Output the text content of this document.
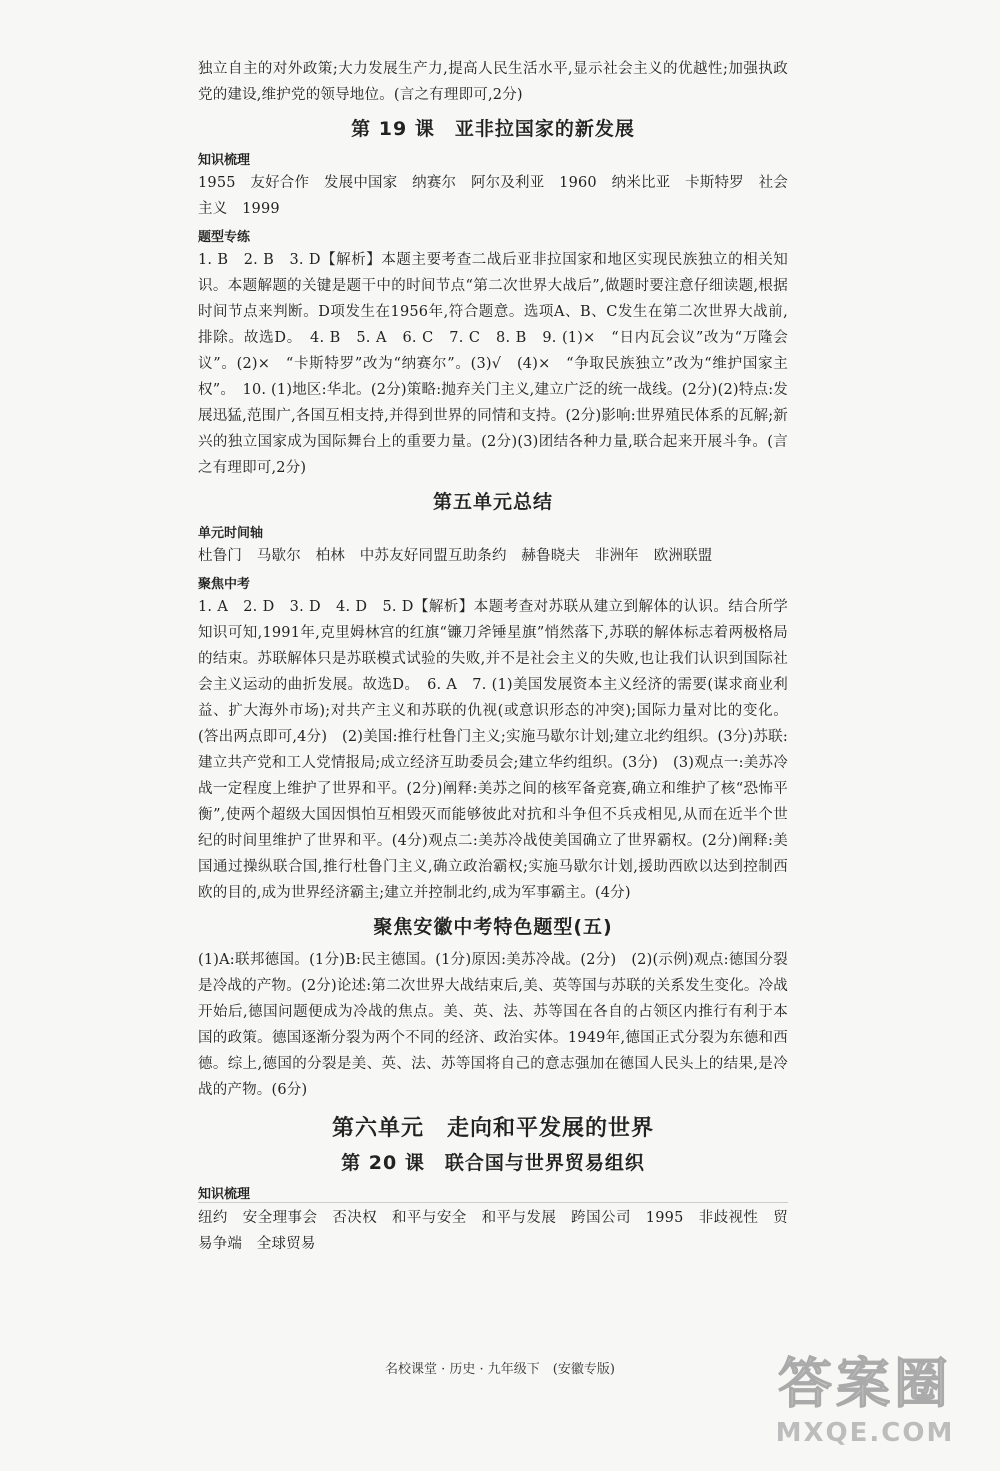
独立自主的对外政策;大力发展生产力,提高人民生活水平,显示社会主义的优越性;加强执政党的建设,维护党的领导地位。(言之有理即可,2分)

第 19 课　亚非拉国家的新发展
知识梳理

1955　友好合作　发展中国家　纳赛尔　阿尔及利亚　1960　纳米比亚　卡斯特罗　社会主义　1999

题型专练

1. B　2. B　3. D【解析】本题主要考查二战后亚非拉国家和地区实现民族独立的相关知识。本题解题的关键是题干中的时间节点“第二次世界大战后”,做题时要注意仔细读题,根据时间节点来判断。D项发生在1956年,符合题意。选项A、B、C发生在第二次世界大战前,排除。故选D。　4. B　5. A　6. C　7. C　8. B　9. (1)×　“日内瓦会议”改为“万隆会议”。(2)×　“卡斯特罗”改为“纳赛尔”。(3)√　(4)×　“争取民族独立”改为“维护国家主权”。　10. (1)地区:华北。(2分)策略:抛弃关门主义,建立广泛的统一战线。(2分)(2)特点:发展迅猛,范围广,各国互相支持,并得到世界的同情和支持。(2分)影响:世界殖民体系的瓦解;新兴的独立国家成为国际舞台上的重要力量。(2分)(3)团结各种力量,联合起来开展斗争。(言之有理即可,2分)

第五单元总结
单元时间轴

杜鲁门　马歇尔　柏林　中苏友好同盟互助条约　赫鲁晓夫　非洲年　欧洲联盟

聚焦中考

1. A　2. D　3. D　4. D　5. D【解析】本题考查对苏联从建立到解体的认识。结合所学知识可知,1991年,克里姆林宫的红旗“镰刀斧锤星旗”悄然落下,苏联的解体标志着两极格局的结束。苏联解体只是苏联模式试验的失败,并不是社会主义的失败,也让我们认识到国际社会主义运动的曲折发展。故选D。　6. A　7. (1)美国发展资本主义经济的需要(谋求商业利益、扩大海外市场);对共产主义和苏联的仇视(或意识形态的冲突);国际力量对比的变化。(答出两点即可,4分)　(2)美国:推行杜鲁门主义;实施马歇尔计划;建立北约组织。(3分)苏联:建立共产党和工人党情报局;成立经济互助委员会;建立华约组织。(3分)　(3)观点一:美苏冷战一定程度上维护了世界和平。(2分)阐释:美苏之间的核军备竞赛,确立和维护了核“恐怖平衡”,使两个超级大国因惧怕互相毁灭而能够彼此对抗和斗争但不兵戎相见,从而在近半个世纪的时间里维护了世界和平。(4分)观点二:美苏冷战使美国确立了世界霸权。(2分)阐释:美国通过操纵联合国,推行杜鲁门主义,确立政治霸权;实施马歇尔计划,援助西欧以达到控制西欧的目的,成为世界经济霸主;建立并控制北约,成为军事霸主。(4分)

聚焦安徽中考特色题型(五)

(1)A:联邦德国。(1分)B:民主德国。(1分)原因:美苏冷战。(2分)　(2)(示例)观点:德国分裂是冷战的产物。(2分)论述:第二次世界大战结束后,美、英等国与苏联的关系发生变化。冷战开始后,德国问题便成为冷战的焦点。美、英、法、苏等国在各自的占领区内推行有利于本国的政策。德国逐渐分裂为两个不同的经济、政治实体。1949年,德国正式分裂为东德和西德。综上,德国的分裂是美、英、法、苏等国将自己的意志强加在德国人民头上的结果,是冷战的产物。(6分)

第六单元　走向和平发展的世界
第 20 课　联合国与世界贸易组织
知识梳理

纽约　安全理事会　否决权　和平与安全　和平与发展　跨国公司　1995　非歧视性　贸易争端　全球贸易

名校课堂 · 历史 · 九年级下　(安徽专版)	答案圈
MXQE.COM
